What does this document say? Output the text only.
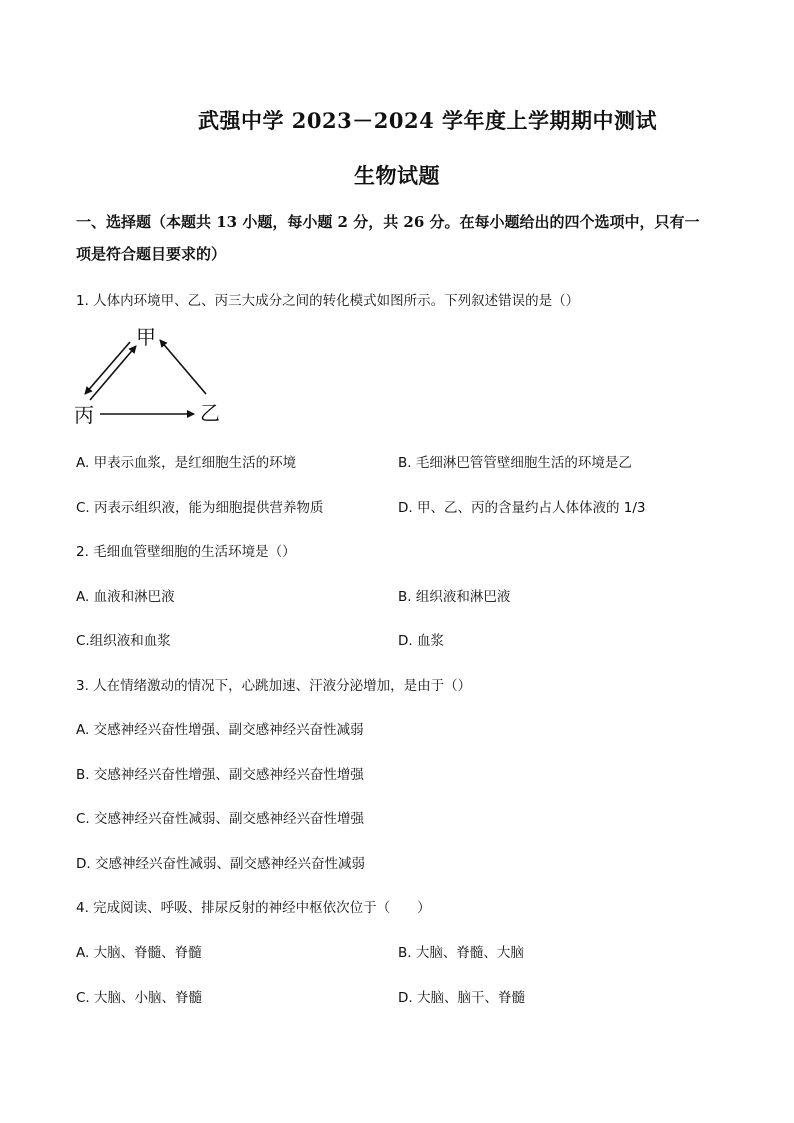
武强中学 2023－2024 学年度上学期期中测试
生物试题
一、选择题（本题共 13 小题，每小题 2 分，共 26 分。在每小题给出的四个选项中，只有一
项是符合题目要求的）
1. 人体内环境甲、乙、丙三大成分之间的转化模式如图所示。下列叙述错误的是（）
甲
丙	乙
A. 甲表示血浆，是红细胞生活的环境	B. 毛细淋巴管管壁细胞生活的环境是乙
C. 丙表示组织液，能为细胞提供营养物质	D. 甲、乙、丙的含量约占人体体液的 1/3
2. 毛细血管壁细胞的生活环境是（）
A. 血液和淋巴液	B. 组织液和淋巴液
C.组织液和血浆	D. 血浆
3. 人在情绪激动的情况下，心跳加速、汗液分泌增加，是由于（）
A. 交感神经兴奋性增强、副交感神经兴奋性减弱
B. 交感神经兴奋性增强、副交感神经兴奋性增强
C. 交感神经兴奋性减弱、副交感神经兴奋性增强
D. 交感神经兴奋性减弱、副交感神经兴奋性减弱
4. 完成阅读、呼吸、排尿反射的神经中枢依次位于（　　）
A. 大脑、脊髓、脊髓	B. 大脑、脊髓、大脑
C. 大脑、小脑、脊髓	D. 大脑、脑干、脊髓
